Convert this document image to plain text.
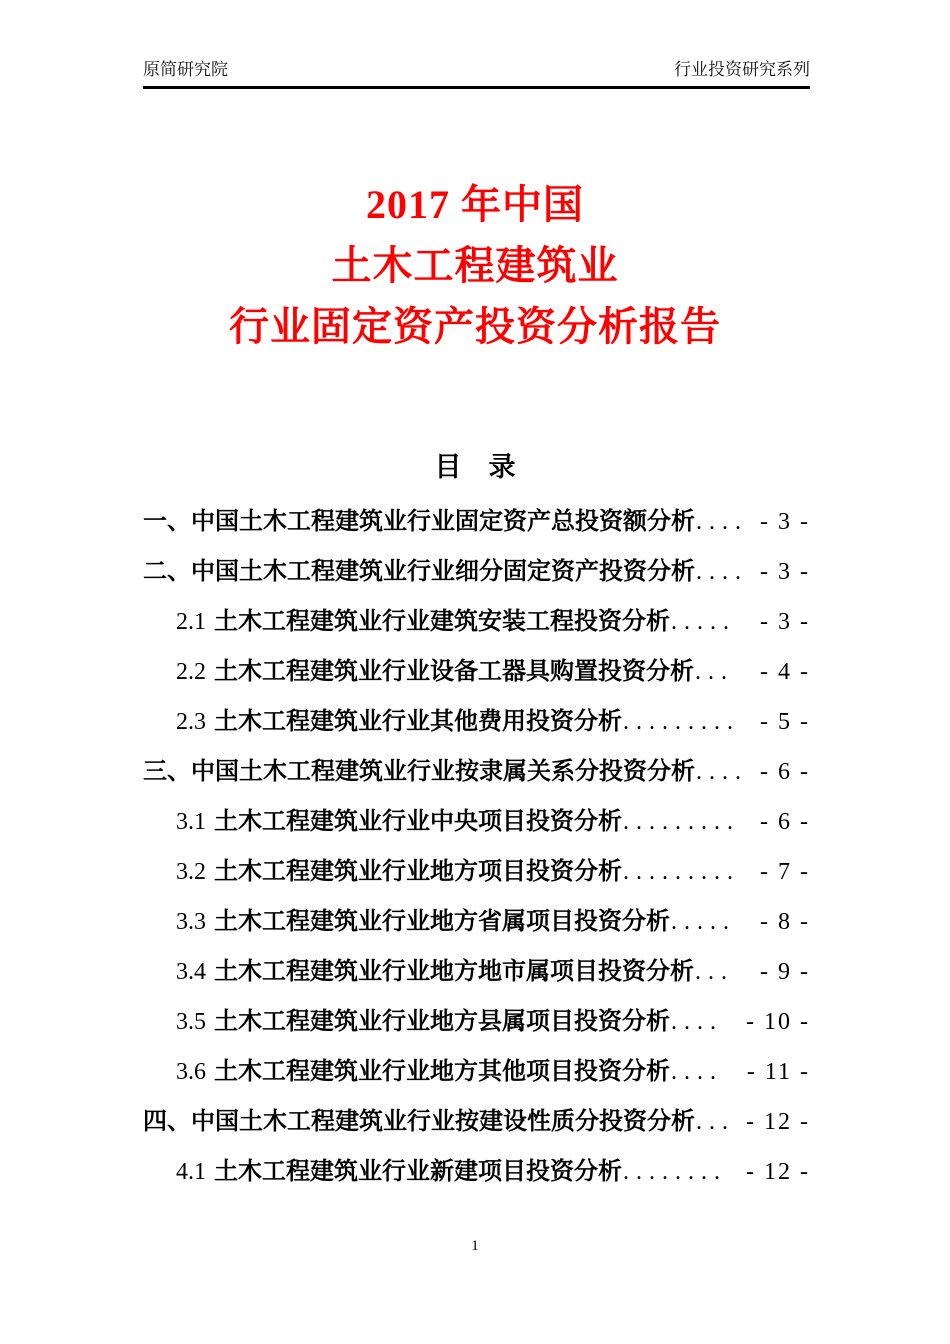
原简研究院	行业投资研究系列
2017 年中国
土木工程建筑业
行业固定资产投资分析报告
目　录
一、 中国土木工程建筑业行业固定资产总投资额分析 .... - 3 -
二、 中国土木工程建筑业行业细分固定资产投资分析 .... - 3 -
2.1 土木工程建筑业行业建筑安装工程投资分析 .....	- 3 -
2.2 土木工程建筑业行业设备工器具购置投资分析 ...	- 4 -
2.3 土木工程建筑业行业其他费用投资分析 ......... - 5 -
三、 中国土木工程建筑业行业按隶属关系分投资分析 .... - 6 -
3.1 土木工程建筑业行业中央项目投资分析 ......... - 6 -
3.2 土木工程建筑业行业地方项目投资分析 ......... - 7 -
3.3 土木工程建筑业行业地方省属项目投资分析 .....	- 8 -
3.4 土木工程建筑业行业地方地市属项目投资分析 ...	- 9 -
3.5 土木工程建筑业行业地方县属项目投资分析 .... - 10 -
3.6 土木工程建筑业行业地方其他项目投资分析 .... - 11 -
四、 中国土木工程建筑业行业按建设性质分投资分析 ... - 12 -
4.1 土木工程建筑业行业新建项目投资分析 ........ - 12 -
1
